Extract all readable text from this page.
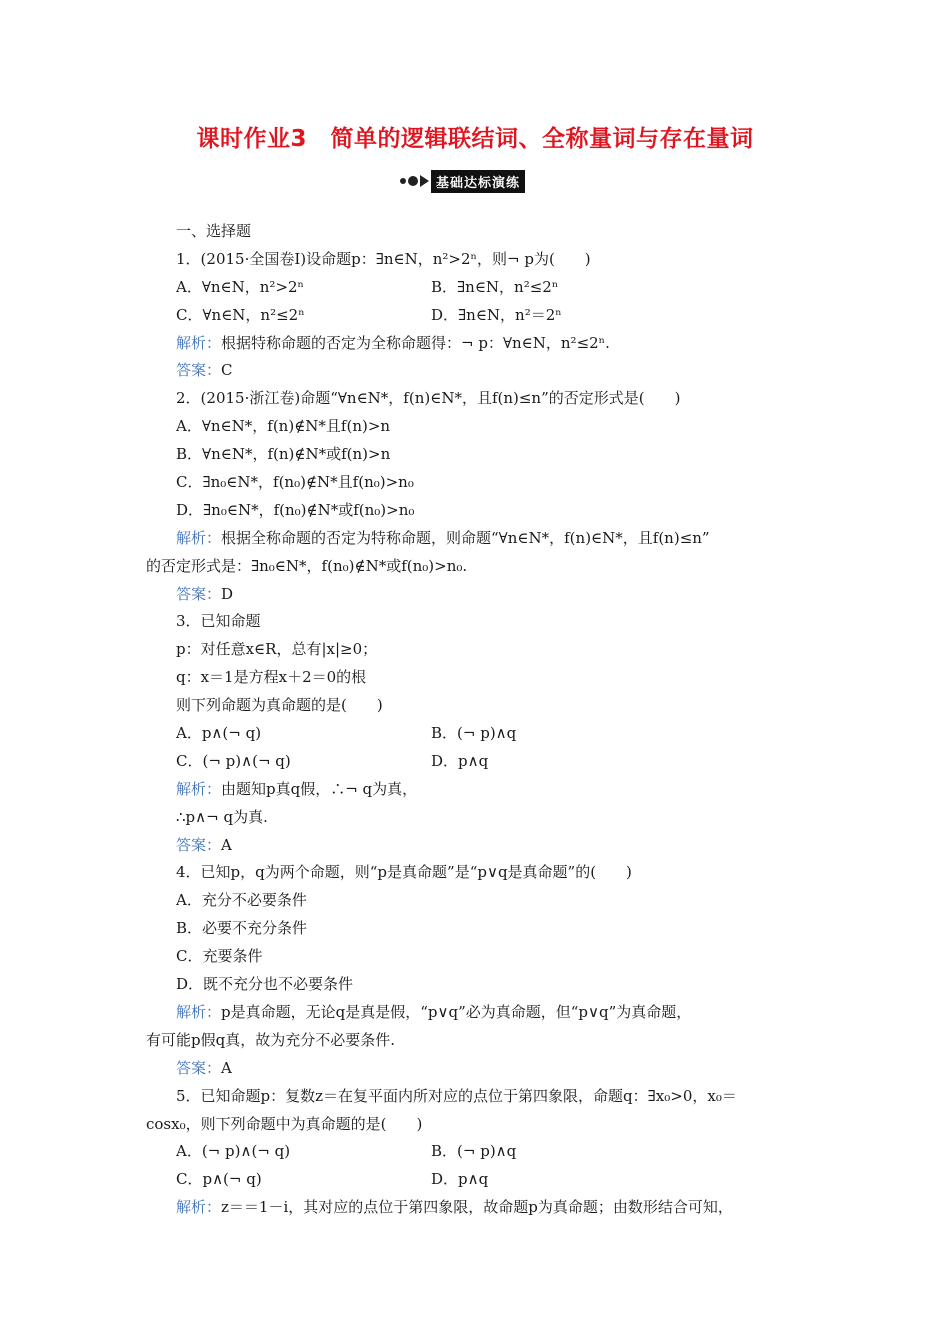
课时作业3　简单的逻辑联结词、全称量词与存在量词
基础达标演练
一、选择题
1．(2015·全国卷Ⅰ)设命题p：∃n∈N，n²>2ⁿ，则¬ p为(　　)
A．∀n∈N，n²>2ⁿ	B．∃n∈N，n²≤2ⁿ
C．∀n∈N，n²≤2ⁿ	D．∃n∈N，n²＝2ⁿ
解析：根据特称命题的否定为全称命题得：¬ p：∀n∈N，n²≤2ⁿ.
答案：C
2．(2015·浙江卷)命题“∀n∈N*，f(n)∈N*，且f(n)≤n”的否定形式是(　　)
A．∀n∈N*，f(n)∉N*且f(n)>n
B．∀n∈N*，f(n)∉N*或f(n)>n
C．∃n₀∈N*，f(n₀)∉N*且f(n₀)>n₀
D．∃n₀∈N*，f(n₀)∉N*或f(n₀)>n₀
解析：根据全称命题的否定为特称命题，则命题“∀n∈N*，f(n)∈N*，且f(n)≤n”
的否定形式是：∃n₀∈N*，f(n₀)∉N*或f(n₀)>n₀.
答案：D
3．已知命题
p：对任意x∈R，总有|x|≥0；
q：x＝1是方程x＋2＝0的根
则下列命题为真命题的是(　　)
A．p∧(¬ q)	B．(¬ p)∧q
C．(¬ p)∧(¬ q)	D．p∧q
解析：由题知p真q假，∴¬ q为真，
∴p∧¬ q为真.
答案：A
4．已知p，q为两个命题，则“p是真命题”是“p∨q是真命题”的(　　)
A．充分不必要条件
B．必要不充分条件
C．充要条件
D．既不充分也不必要条件
解析：p是真命题，无论q是真是假，“p∨q”必为真命题，但“p∨q”为真命题，
有可能p假q真，故为充分不必要条件.
答案：A
5．已知命题p：复数z＝在复平面内所对应的点位于第四象限，命题q：∃x₀>0，x₀＝
cosx₀，则下列命题中为真命题的是(　　)
A．(¬ p)∧(¬ q)	B．(¬ p)∧q
C．p∧(¬ q)	D．p∧q
解析：z＝＝1－i，其对应的点位于第四象限，故命题p为真命题；由数形结合可知，
